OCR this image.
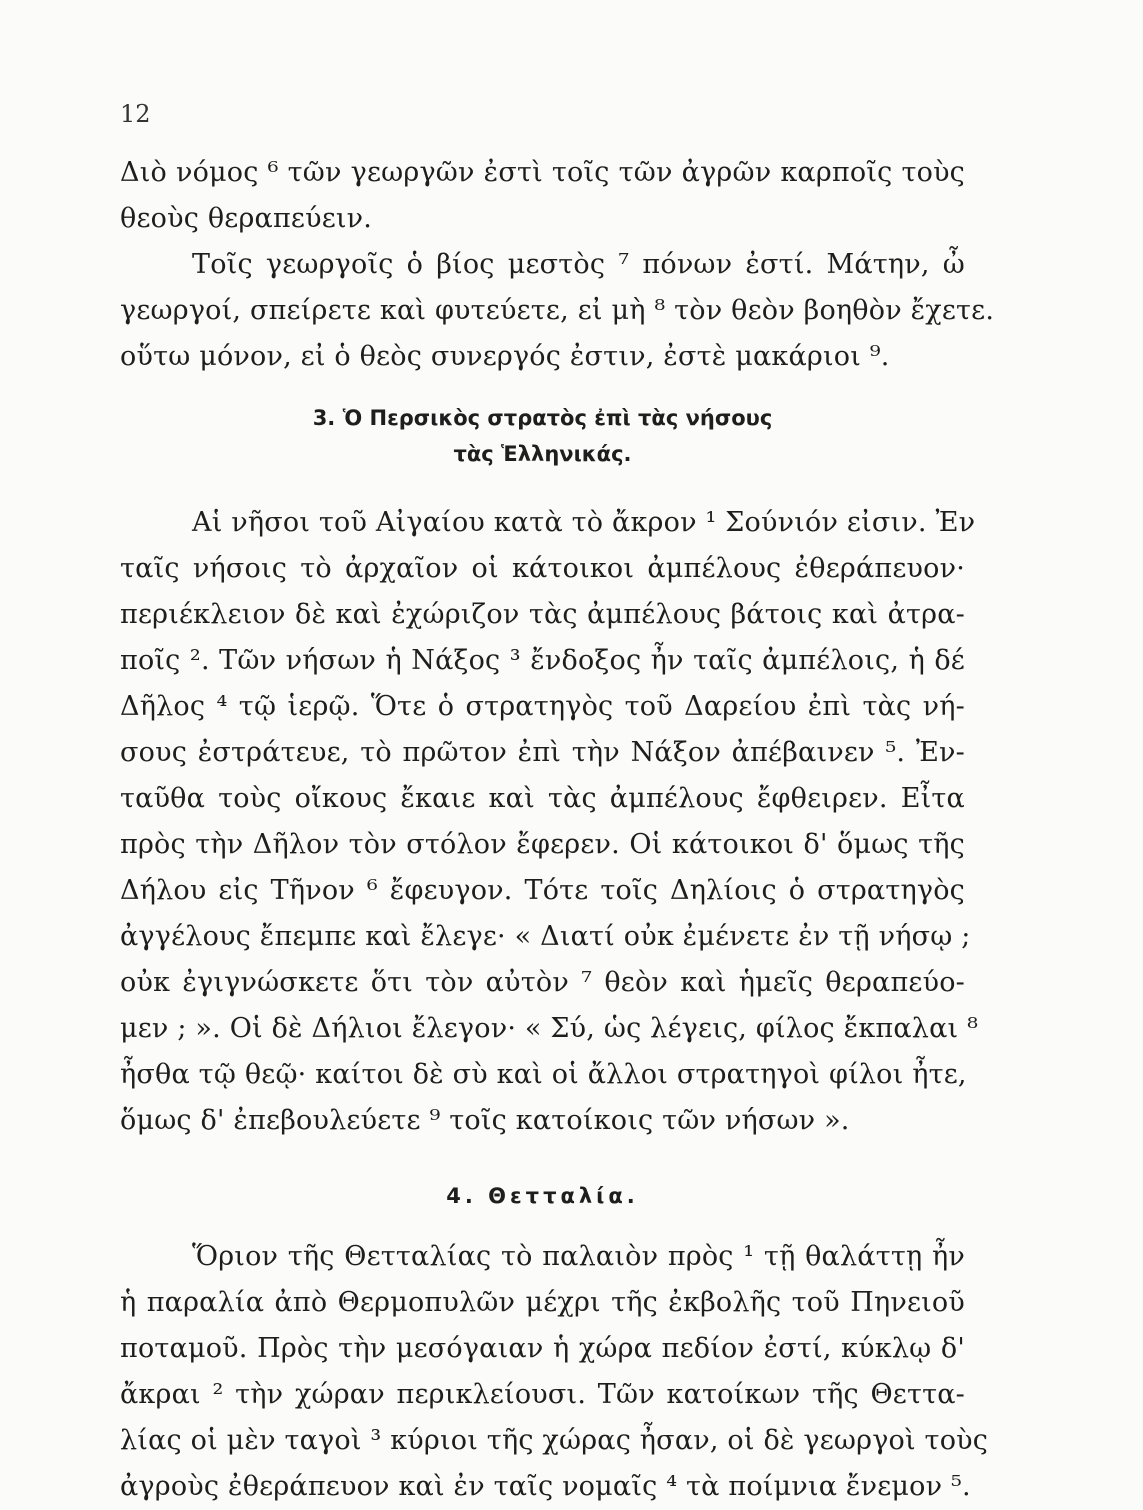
12
Διὸ νόμος ⁶ τῶν γεωργῶν ἐστὶ τοῖς τῶν ἀγρῶν καρποῖς τοὺς
θεοὺς θεραπεύειν.
Τοῖς γεωργοῖς ὁ βίος μεστὸς ⁷ πόνων ἐστί. Μάτην, ὦ
γεωργοί, σπείρετε καὶ φυτεύετε, εἰ μὴ ⁸ τὸν θεὸν βοηθὸν ἔχετε.
οὕτω μόνον, εἰ ὁ θεὸς συνεργός ἐστιν, ἐστὲ μακάριοι ⁹.
3. Ὁ Περσικὸς στρατὸς ἐπὶ τὰς νήσους
τὰς Ἑλληνικάς.
Αἱ νῆσοι τοῦ Αἰγαίου κατὰ τὸ ἄκρον ¹ Σούνιόν εἰσιν. Ἐν
ταῖς νήσοις τὸ ἀρχαῖον οἱ κάτοικοι ἀμπέλους ἐθεράπευον·
περιέκλειον δὲ καὶ ἐχώριζον τὰς ἀμπέλους βάτοις καὶ ἀτρα-
ποῖς ². Τῶν νήσων ἡ Νάξος ³ ἔνδοξος ἦν ταῖς ἀμπέλοις, ἡ δέ
Δῆλος ⁴ τῷ ἱερῷ. Ὅτε ὁ στρατηγὸς τοῦ Δαρείου ἐπὶ τὰς νή-
σους ἐστράτευε, τὸ πρῶτον ἐπὶ τὴν Νάξον ἀπέβαινεν ⁵. Ἐν-
ταῦθα τοὺς οἴκους ἔκαιε καὶ τὰς ἀμπέλους ἔφθειρεν. Εἶτα
πρὸς τὴν Δῆλον τὸν στόλον ἔφερεν. Οἱ κάτοικοι δ' ὅμως τῆς
Δήλου εἰς Τῆνον ⁶ ἔφευγον. Τότε τοῖς Δηλίοις ὁ στρατηγὸς
ἀγγέλους ἔπεμπε καὶ ἔλεγε· « Διατί οὐκ ἐμένετε ἐν τῇ νήσῳ ;
οὐκ ἐγιγνώσκετε ὅτι τὸν αὐτὸν ⁷ θεὸν καὶ ἡμεῖς θεραπεύο-
μεν ; ». Οἱ δὲ Δήλιοι ἔλεγον· « Σύ, ὡς λέγεις, φίλος ἔκπαλαι ⁸
ἦσθα τῷ θεῷ· καίτοι δὲ σὺ καὶ οἱ ἄλλοι στρατηγοὶ φίλοι ἦτε,
ὅμως δ' ἐπεβουλεύετε ⁹ τοῖς κατοίκοις τῶν νήσων ».
4. Θετταλία.
Ὅριον τῆς Θετταλίας τὸ παλαιὸν πρὸς ¹ τῇ θαλάττῃ ἦν
ἡ παραλία ἀπὸ Θερμοπυλῶν μέχρι τῆς ἐκβολῆς τοῦ Πηνειοῦ
ποταμοῦ. Πρὸς τὴν μεσόγαιαν ἡ χώρα πεδίον ἐστί, κύκλῳ δ'
ἄκραι ² τὴν χώραν περικλείουσι. Τῶν κατοίκων τῆς Θεττα-
λίας οἱ μὲν ταγοὶ ³ κύριοι τῆς χώρας ἦσαν, οἱ δὲ γεωργοὶ τοὺς
ἀγροὺς ἐθεράπευον καὶ ἐν ταῖς νομαῖς ⁴ τὰ ποίμνια ἔνεμον ⁵.
